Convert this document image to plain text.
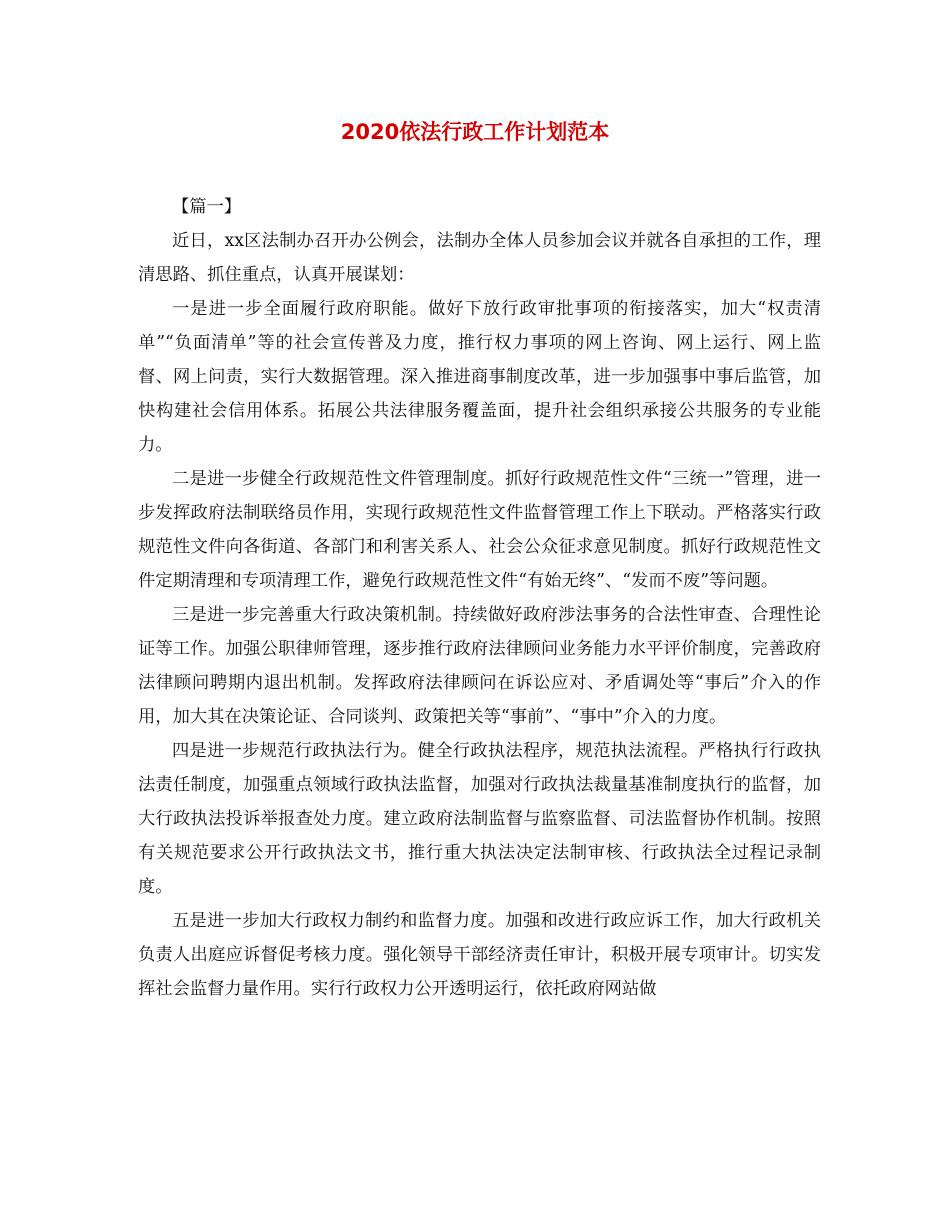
2020依法行政工作计划范本
【篇一】

近日，xx区法制办召开办公例会，法制办全体人员参加会议并就各自承担的工作，理清思路、抓住重点，认真开展谋划：

一是进一步全面履行政府职能。做好下放行政审批事项的衔接落实，加大“权责清单”“负面清单”等的社会宣传普及力度，推行权力事项的网上咨询、网上运行、网上监督、网上问责，实行大数据管理。深入推进商事制度改革，进一步加强事中事后监管，加快构建社会信用体系。拓展公共法律服务覆盖面，提升社会组织承接公共服务的专业能力。

二是进一步健全行政规范性文件管理制度。抓好行政规范性文件“三统一”管理，进一步发挥政府法制联络员作用，实现行政规范性文件监督管理工作上下联动。严格落实行政规范性文件向各街道、各部门和利害关系人、社会公众征求意见制度。抓好行政规范性文件定期清理和专项清理工作，避免行政规范性文件“有始无终”、“发而不废”等问题。

三是进一步完善重大行政决策机制。持续做好政府涉法事务的合法性审查、合理性论证等工作。加强公职律师管理，逐步推行政府法律顾问业务能力水平评价制度，完善政府法律顾问聘期内退出机制。发挥政府法律顾问在诉讼应对、矛盾调处等“事后”介入的作用，加大其在决策论证、合同谈判、政策把关等“事前”、“事中”介入的力度。

四是进一步规范行政执法行为。健全行政执法程序，规范执法流程。严格执行行政执法责任制度，加强重点领域行政执法监督，加强对行政执法裁量基准制度执行的监督，加大行政执法投诉举报查处力度。建立政府法制监督与监察监督、司法监督协作机制。按照有关规范要求公开行政执法文书，推行重大执法决定法制审核、行政执法全过程记录制度。

五是进一步加大行政权力制约和监督力度。加强和改进行政应诉工作，加大行政机关负责人出庭应诉督促考核力度。强化领导干部经济责任审计，积极开展专项审计。切实发挥社会监督力量作用。实行行政权力公开透明运行，依托政府网站做
